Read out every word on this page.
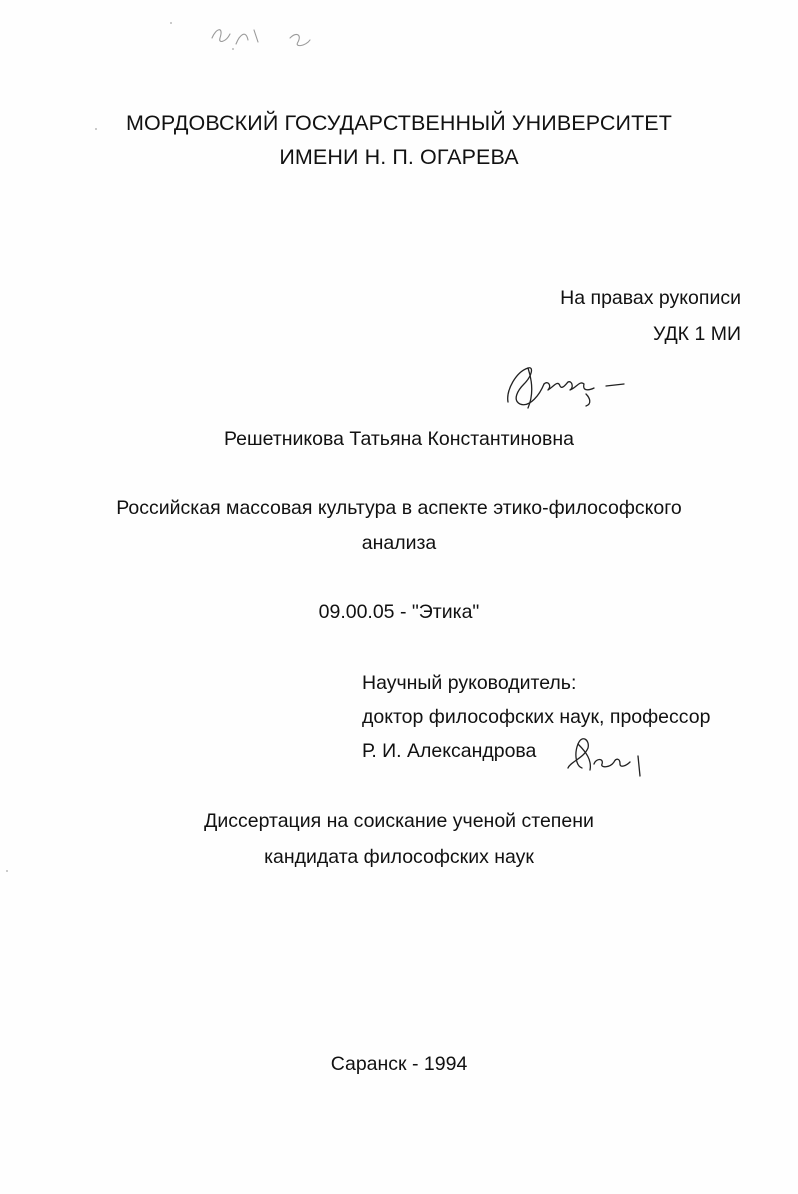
МОРДОВСКИЙ ГОСУДАРСТВЕННЫЙ УНИВЕРСИТЕТ
ИМЕНИ Н. П. ОГАРЕВА
На правах рукописи
УДК 1 МИ
Решетникова Татьяна Константиновна
Российская массовая культура в аспекте этико-философского
анализа
09.00.05 - "Этика"
Научный руководитель:
доктор философских наук, профессор
Р. И. Александрова
Диссертация на соискание ученой степени
кандидата философских наук
Саранск - 1994
